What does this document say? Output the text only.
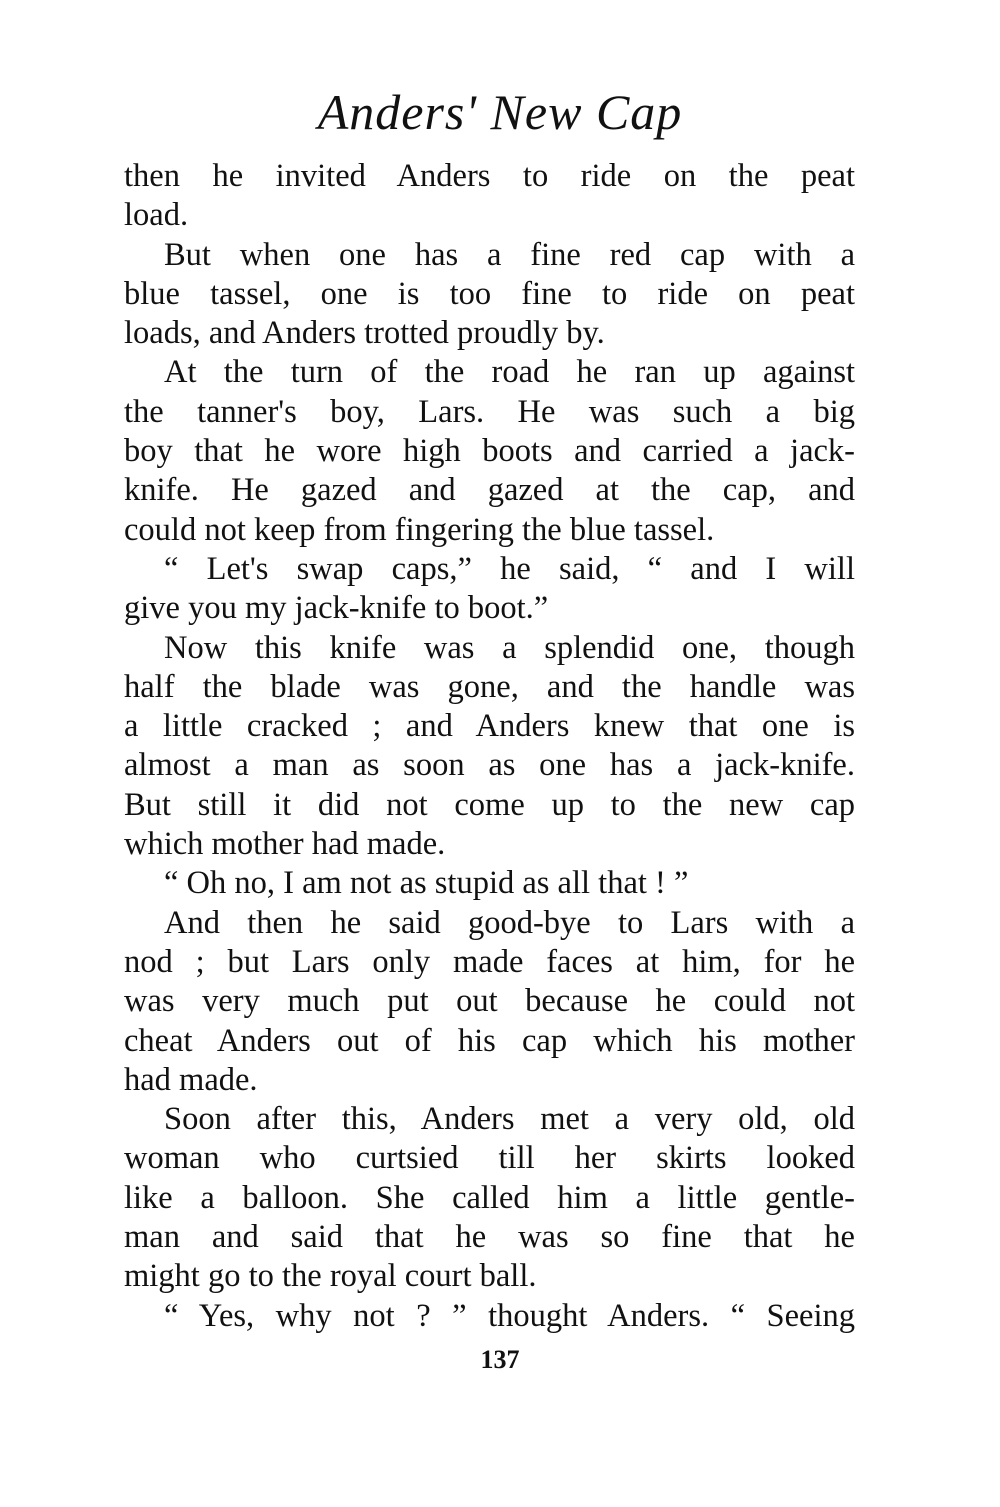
Anders' New Cap
then he invited Anders to ride on the peat
load.
But when one has a fine red cap with a
blue tassel, one is too fine to ride on peat
loads, and Anders trotted proudly by.
At the turn of the road he ran up against
the tanner's boy, Lars. He was such a big
boy that he wore high boots and carried a jack-
knife. He gazed and gazed at the cap, and
could not keep from fingering the blue tassel.
“ Let's swap caps,” he said, “ and I will
give you my jack-knife to boot.”
Now this knife was a splendid one, though
half the blade was gone, and the handle was
a little cracked ; and Anders knew that one is
almost a man as soon as one has a jack-knife.
But still it did not come up to the new cap
which mother had made.
“ Oh no, I am not as stupid as all that ! ”
And then he said good-bye to Lars with a
nod ; but Lars only made faces at him, for he
was very much put out because he could not
cheat Anders out of his cap which his mother
had made.
Soon after this, Anders met a very old, old
woman who curtsied till her skirts looked
like a balloon. She called him a little gentle-
man and said that he was so fine that he
might go to the royal court ball.
“ Yes, why not ? ” thought Anders. “ Seeing
137
